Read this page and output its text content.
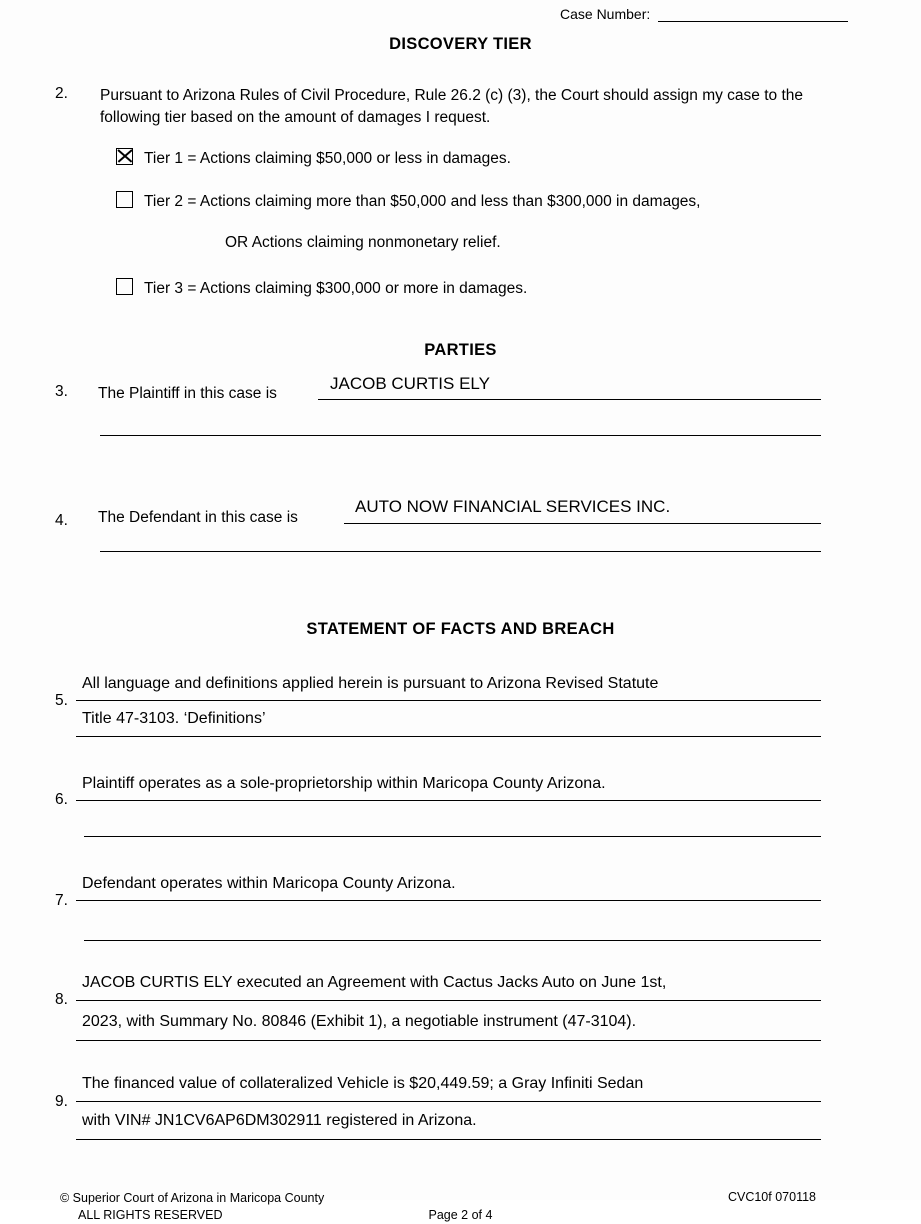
Case Number:
DISCOVERY TIER
2. Pursuant to Arizona Rules of Civil Procedure, Rule 26.2 (c) (3), the Court should assign my case to the following tier based on the amount of damages I request.
Tier 1 = Actions claiming $50,000 or less in damages.
Tier 2 = Actions claiming more than $50,000 and less than $300,000 in damages,
OR Actions claiming nonmonetary relief.
Tier 3 = Actions claiming $300,000 or more in damages.
PARTIES
3. The Plaintiff in this case is
JACOB CURTIS ELY
4. The Defendant in this case is
AUTO NOW FINANCIAL SERVICES INC.
STATEMENT OF FACTS AND BREACH
5.
All language and definitions applied herein is pursuant to Arizona Revised Statute
Title 47-3103. ‘Definitions’
6.
Plaintiff operates as a sole-proprietorship within Maricopa County Arizona.
7.
Defendant operates within Maricopa County Arizona.
8.
JACOB CURTIS ELY executed an Agreement with Cactus Jacks Auto on June 1st,
2023, with Summary No. 80846 (Exhibit 1), a negotiable instrument (47-3104).
9.
The financed value of collateralized Vehicle is $20,449.59; a Gray Infiniti Sedan
with VIN# JN1CV6AP6DM302911 registered in Arizona.
© Superior Court of Arizona in Maricopa County
ALL RIGHTS RESERVED	Page 2 of 4
CVC10f 070118
